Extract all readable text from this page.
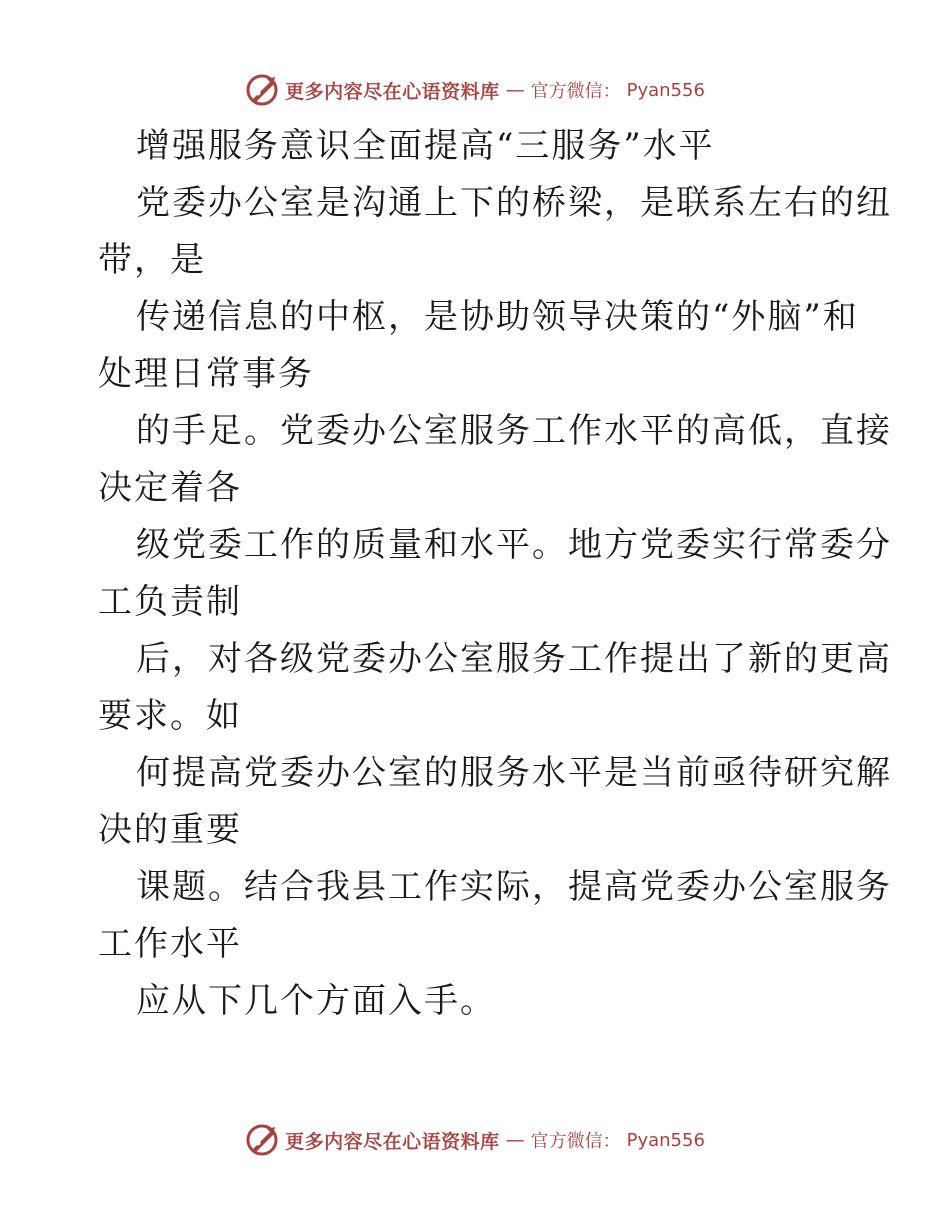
更多内容尽在心语资料库 — 官方微信： Pyan556
增强服务意识全面提高“三服务”水平
党委办公室是沟通上下的桥梁，是联系左右的纽
带，是
传递信息的中枢，是协助领导决策的“外脑”和
处理日常事务
的手足。党委办公室服务工作水平的高低，直接
决定着各
级党委工作的质量和水平。地方党委实行常委分
工负责制
后，对各级党委办公室服务工作提出了新的更高
要求。如
何提高党委办公室的服务水平是当前亟待研究解
决的重要
课题。结合我县工作实际，提高党委办公室服务
工作水平
应从下几个方面入手。
更多内容尽在心语资料库 — 官方微信： Pyan556
